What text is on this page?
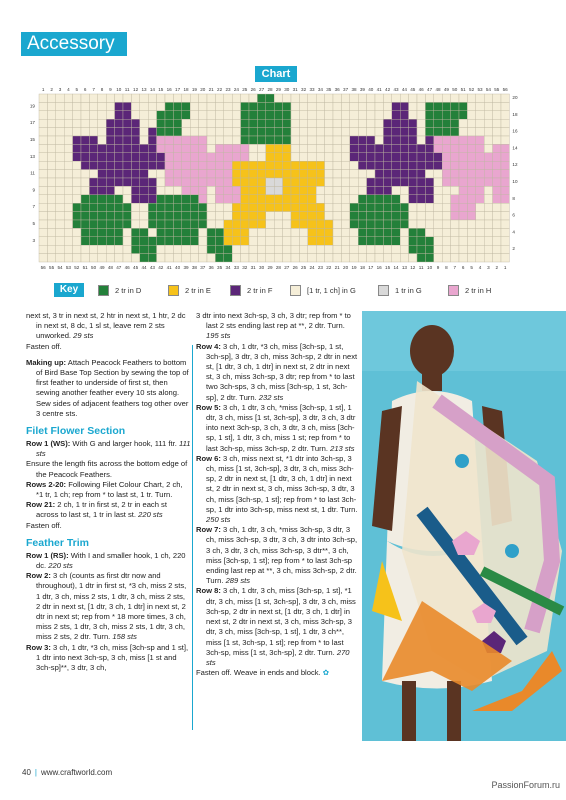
Accessory
Chart
1 2 3 4 5 6 7 8 9 10 11 12 13 14 15 16 17 18 19 20 21 22 23 24 25 26 27 28 29 30 31 32 33 34 35 36 37 38 39 40 41 42 43 44 45 46 47 48 49 50 51 52 53 54 55 56
56 55 54 53 52 51 50 49 48 47 46 45 44 43 42 41 40 39 38 37 36 35 34 33 32 31 30 29 28 27 26 25 24 23 22 21 20 19 18 17 16 15 14 13 12 11 10 9 8 7 6 5 4 3 2 1
19
17
15
13
11
9
7
5
3
20
18
16
14
12
10
8
6
4
2
Key	2 tr in D	2 tr in E	2 tr in F	[1 tr, 1 ch] in G	1 tr in G	2 tr in H

next st, 3 tr in next st, 2 htr in next st, 1 htr, 2 dc in next st, 8 dc, 1 sl st, leave rem 2 sts unworked. 29 sts

Fasten off.

Making up: Attach Peacock Feathers to bottom of Bird Base Top Section by sewing the top of first feather to underside of first st, then sewing another feather every 10 sts along. Sew sides of adjacent feathers tog other over 3 centre sts.

Filet Flower Section

Row 1 (WS): With G and larger hook, 111 ftr. 111 sts

Ensure the length fits across the bottom edge of the Peacock Feathers.

Rows 2-20: Following Filet Colour Chart, 2 ch, *1 tr, 1 ch; rep from * to last st, 1 tr. Turn.

Row 21: 2 ch, 1 tr in first st, 2 tr in each st across to last st, 1 tr in last st. 220 sts

Fasten off.

Feather Trim

Row 1 (RS): With I and smaller hook, 1 ch, 220 dc. 220 sts

Row 2: 3 ch (counts as first dtr now and throughout), 1 dtr in first st, *3 ch, miss 2 sts, 1 dtr, 3 ch, miss 2 sts, 1 dtr, 3 ch, miss 2 sts, 2 dtr in next st, [1 dtr, 3 ch, 1 dtr] in next st, 2 dtr in next st; rep from * 18 more times, 3 ch, miss 2 sts, 1 dtr, 3 ch, miss 2 sts, 1 dtr, 3 ch, miss 2 sts, 2 dtr. Turn. 158 sts

Row 3: 3 ch, 1 dtr, *3 ch, miss [3ch-sp and 1 st], 1 dtr into next 3ch-sp, 3 ch, miss [1 st and 3ch-sp]**, 3 dtr, 3 ch,

3 dtr into next 3ch-sp, 3 ch, 3 dtr; rep from * to last 2 sts ending last rep at **, 2 dtr. Turn. 195 sts

Row 4: 3 ch, 1 dtr, *3 ch, miss [3ch-sp, 1 st, 3ch-sp], 3 dtr, 3 ch, miss 3ch-sp, 2 dtr in next st, [1 dtr, 3 ch, 1 dtr] in next st, 2 dtr in next st, 3 ch, miss 3ch-sp, 3 dtr; rep from * to last two 3ch-sps, 3 ch, miss [3ch-sp, 1 st, 3ch-sp], 2 dtr. Turn. 232 sts

Row 5: 3 ch, 1 dtr, 3 ch, *miss [3ch-sp, 1 st], 1 dtr, 3 ch, miss [1 st, 3ch-sp], 3 dtr, 3 ch, 3 dtr into next 3ch-sp, 3 ch, 3 dtr, 3 ch, miss [3ch-sp, 1 st], 1 dtr, 3 ch, miss 1 st; rep from * to last 3ch-sp, miss 3ch-sp, 2 dtr. Turn. 213 sts

Row 6: 3 ch, miss next st, *1 dtr into 3ch-sp, 3 ch, miss [1 st, 3ch-sp], 3 dtr, 3 ch, miss 3ch-sp, 2 dtr in next st, [1 dtr, 3 ch, 1 dtr] in next st, 2 dtr in next st, 3 ch, miss 3ch-sp, 3 dtr, 3 ch, miss [3ch-sp, 1 st]; rep from * to last 3ch-sp, 1 dtr into 3ch-sp, miss next st, 1 dtr. Turn. 250 sts

Row 7: 3 ch, 1 dtr, 3 ch, *miss 3ch-sp, 3 dtr, 3 ch, miss 3ch-sp, 3 dtr, 3 ch, 3 dtr into 3ch-sp, 3 ch, 3 dtr, 3 ch, miss 3ch-sp, 3 dtr**, 3 ch, miss [3ch-sp, 1 st]; rep from * to last 3ch-sp ending last rep at **, 3 ch, miss 3ch-sp, 2 dtr. Turn. 289 sts

Row 8: 3 ch, 1 dtr, 3 ch, miss [3ch-sp, 1 st], *1 dtr, 3 ch, miss [1 st, 3ch-sp], 3 dtr, 3 ch, miss 3ch-sp, 2 dtr in next st, [1 dtr, 3 ch, 1 dtr] in next st, 2 dtr in next st, 3 ch, miss 3ch-sp, 3 dtr, 3 ch, miss [3ch-sp, 1 st], 1 dtr, 3 ch**, miss [1 st, 3ch-sp, 1 st]; rep from * to last 3ch-sp, miss [1 st, 3ch-sp], 2 dtr. Turn. 270 sts

Fasten off. Weave in ends and block. ✿

40 | www.craftworld.com
PassionForum.ru
